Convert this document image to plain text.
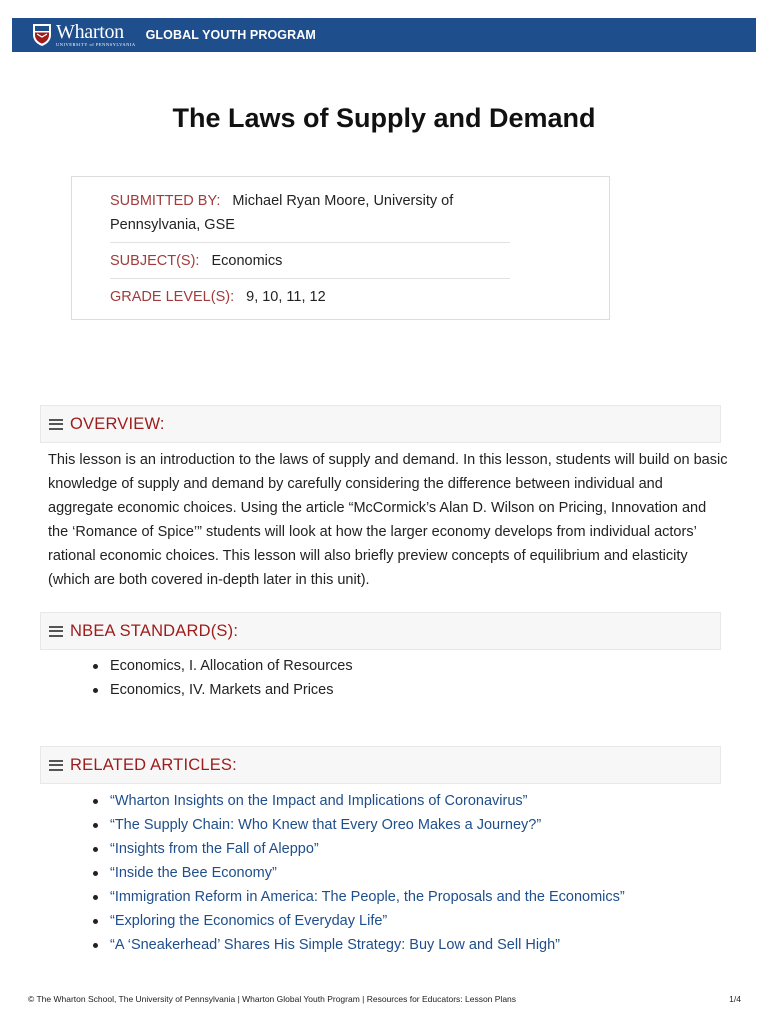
Wharton
UNIVERSITY of PENNSYLVANIA
GLOBAL YOUTH PROGRAM
The Laws of Supply and Demand
SUBMITTED BY: Michael Ryan Moore, University of Pennsylvania, GSE
SUBJECT(S): Economics
GRADE LEVEL(S): 9, 10, 11, 12
OVERVIEW:

This lesson is an introduction to the laws of supply and demand. In this lesson, students will build on basic knowledge of supply and demand by carefully considering the difference between individual and aggregate economic choices. Using the article “McCormick’s Alan D. Wilson on Pricing, Innovation and the ‘Romance of Spice’” students will look at how the larger economy develops from individual actors’ rational economic choices. This lesson will also briefly preview concepts of equilibrium and elasticity (which are both covered in-depth later in this unit).

NBEA STANDARD(S):
Economics, I. Allocation of Resources
Economics, IV. Markets and Prices
RELATED ARTICLES:
“Wharton Insights on the Impact and Implications of Coronavirus”
“The Supply Chain: Who Knew that Every Oreo Makes a Journey?”
“Insights from the Fall of Aleppo”
“Inside the Bee Economy”
“Immigration Reform in America: The People, the Proposals and the Economics”
“Exploring the Economics of Everyday Life”
“A ‘Sneakerhead’ Shares His Simple Strategy: Buy Low and Sell High”
© The Wharton School, The University of Pennsylvania | Wharton Global Youth Program | Resources for Educators: Lesson Plans	1/4
